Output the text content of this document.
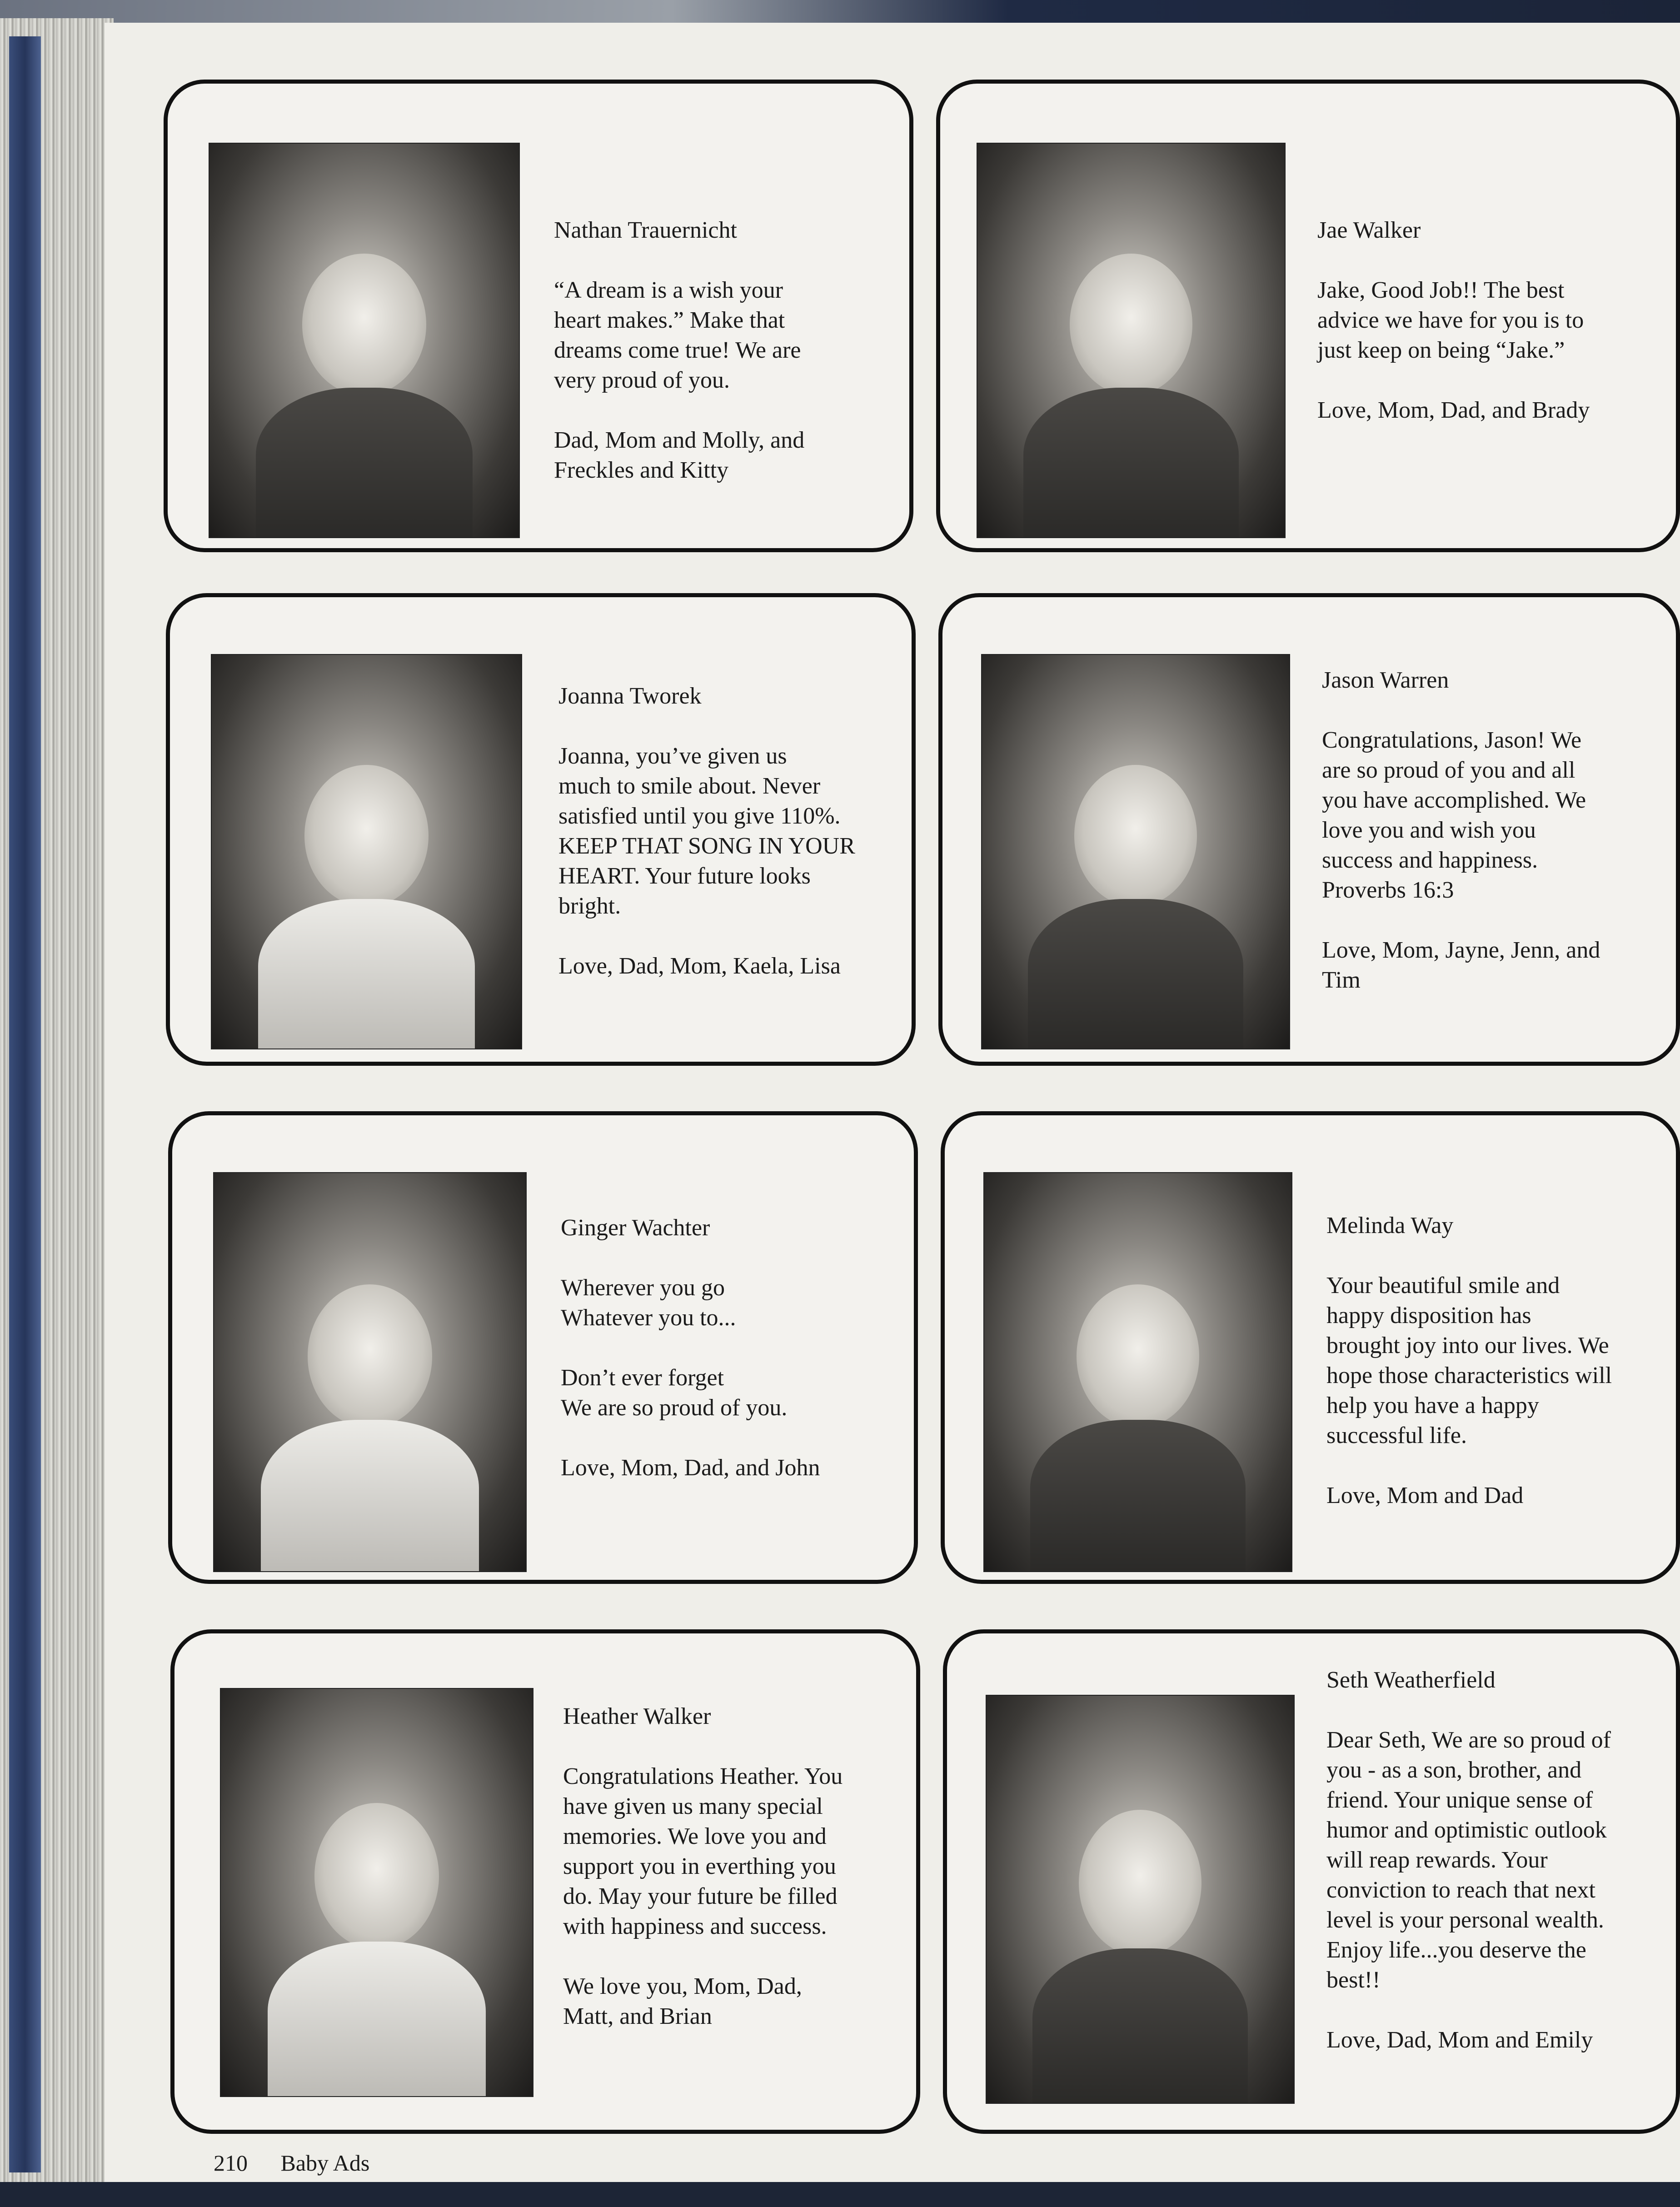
Nathan Trauernicht

“A dream is a wish your
heart makes.” Make that
dreams come true! We are
very proud of you.

Dad, Mom and Molly, and
Freckles and Kitty

Jae Walker

Jake, Good Job!! The best
advice we have for you is to
just keep on being “Jake.”

Love, Mom, Dad, and Brady

Joanna Tworek

Joanna, you’ve given us
much to smile about. Never
satisfied until you give 110%.
KEEP THAT SONG IN YOUR
HEART. Your future looks
bright.

Love, Dad, Mom, Kaela, Lisa

Jason Warren

Congratulations, Jason! We
are so proud of you and all
you have accomplished. We
love you and wish you
success and happiness.
Proverbs 16:3

Love, Mom, Jayne, Jenn, and
Tim

Ginger Wachter

Wherever you go
Whatever you to...

Don’t ever forget
We are so proud of you.

Love, Mom, Dad, and John

Melinda Way

Your beautiful smile and
happy disposition has
brought joy into our lives. We
hope those characteristics will
help you have a happy
successful life.

Love, Mom and Dad

Heather Walker

Congratulations Heather. You
have given us many special
memories. We love you and
support you in everthing you
do. May your future be filled
with happiness and success.

We love you, Mom, Dad,
Matt, and Brian

Seth Weatherfield

Dear Seth, We are so proud of
you - as a son, brother, and
friend. Your unique sense of
humor and optimistic outlook
will reap rewards. Your
conviction to reach that next
level is your personal wealth.
Enjoy life...you deserve the
best!!

Love, Dad, Mom and Emily

210 Baby Ads
